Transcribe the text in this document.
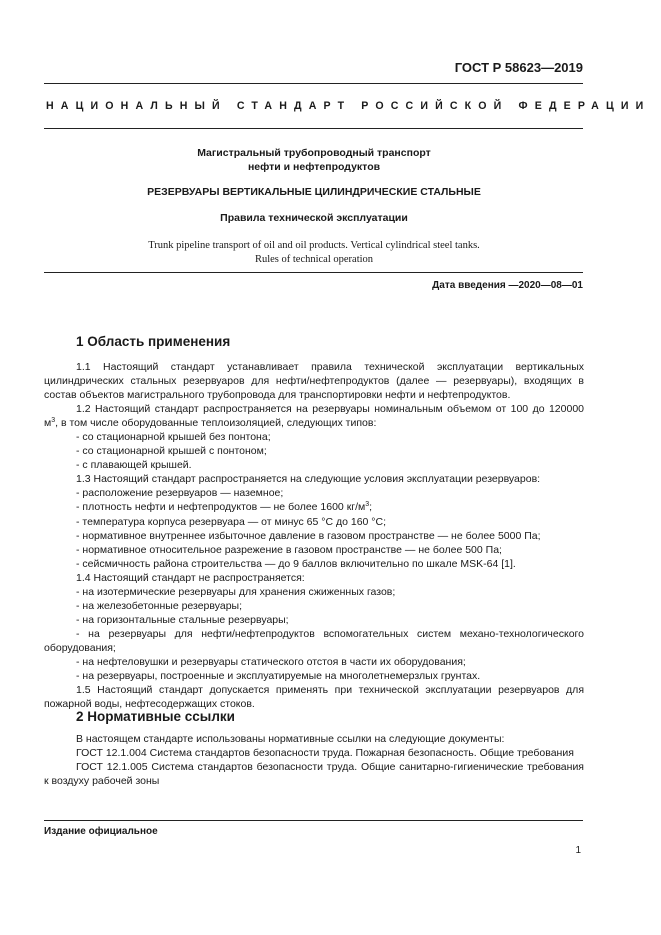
ГОСТ Р 58623—2019
НАЦИОНАЛЬНЫЙ СТАНДАРТ РОССИЙСКОЙ ФЕДЕРАЦИИ
Магистральный трубопроводный транспорт
нефти и нефтепродуктов
РЕЗЕРВУАРЫ ВЕРТИКАЛЬНЫЕ ЦИЛИНДРИЧЕСКИЕ СТАЛЬНЫЕ
Правила технической эксплуатации
Trunk pipeline transport of oil and oil products. Vertical cylindrical steel tanks.
Rules of technical operation
Дата введения —2020—08—01
1 Область применения

1.1 Настоящий стандарт устанавливает правила технической эксплуатации вертикальных цилиндрических стальных резервуаров для нефти/нефтепродуктов (далее — резервуары), входящих в состав объектов магистрального трубопровода для транспортировки нефти и нефтепродуктов.

1.2 Настоящий стандарт распространяется на резервуары номинальным объемом от 100 до 120000 $м^3$, в том числе оборудованные теплоизоляцией, следующих типов:

- со стационарной крышей без понтона;

- со стационарной крышей с понтоном;

- с плавающей крышей.

1.3 Настоящий стандарт распространяется на следующие условия эксплуатации резервуаров:

- расположение резервуаров — наземное;

- плотность нефти и нефтепродуктов — не более 1600 $кг/м^3$;

- температура корпуса резервуара — от минус 65 °С до 160 °С;

- нормативное внутреннее избыточное давление в газовом пространстве — не более 5000 Па;

- нормативное относительное разрежение в газовом пространстве — не более 500 Па;

- сейсмичность района строительства — до 9 баллов включительно по шкале MSK-64 [1].

1.4 Настоящий стандарт не распространяется:

- на изотермические резервуары для хранения сжиженных газов;

- на железобетонные резервуары;

- на горизонтальные стальные резервуары;

- на резервуары для нефти/нефтепродуктов вспомогательных систем механо-технологического оборудования;

- на нефтеловушки и резервуары статического отстоя в части их оборудования;

- на резервуары, построенные и эксплуатируемые на многолетнемерзлых грунтах.

1.5 Настоящий стандарт допускается применять при технической эксплуатации резервуаров для пожарной воды, нефтесодержащих стоков.

2 Нормативные ссылки

В настоящем стандарте использованы нормативные ссылки на следующие документы:

ГОСТ 12.1.004 Система стандартов безопасности труда. Пожарная безопасность. Общие требования

ГОСТ 12.1.005 Система стандартов безопасности труда. Общие санитарно-гигиенические требования к воздуху рабочей зоны

Издание официальное
1
